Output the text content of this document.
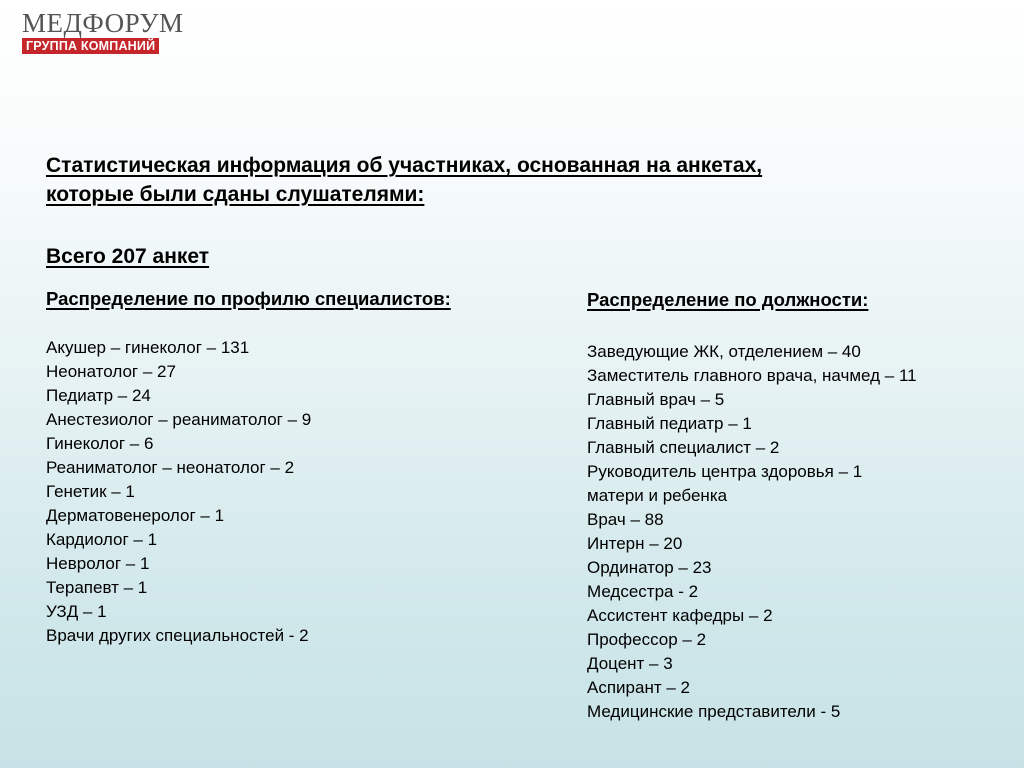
МЕДФОРУМ
ГРУППА КОМПАНИЙ
Статистическая информация об участниках, основанная на анкетах,
которые были сданы слушателями:
Всего 207 анкет
Распределение по профилю специалистов:
Акушер – гинеколог – 131
Неонатолог – 27
Педиатр – 24
Анестезиолог – реаниматолог – 9
Гинеколог – 6
Реаниматолог – неонатолог – 2
Генетик – 1
Дерматовенеролог – 1
Кардиолог – 1
Невролог – 1
Терапевт – 1
УЗД – 1
Врачи других специальностей - 2
Распределение по должности:
Заведующие ЖК, отделением – 40
Заместитель главного врача, начмед – 11
Главный врач – 5
Главный педиатр – 1
Главный специалист – 2
Руководитель центра здоровья – 1
матери и ребенка
Врач – 88
Интерн – 20
Ординатор – 23
Медсестра - 2
Ассистент кафедры – 2
Профессор – 2
Доцент – 3
Аспирант – 2
Медицинские представители - 5
